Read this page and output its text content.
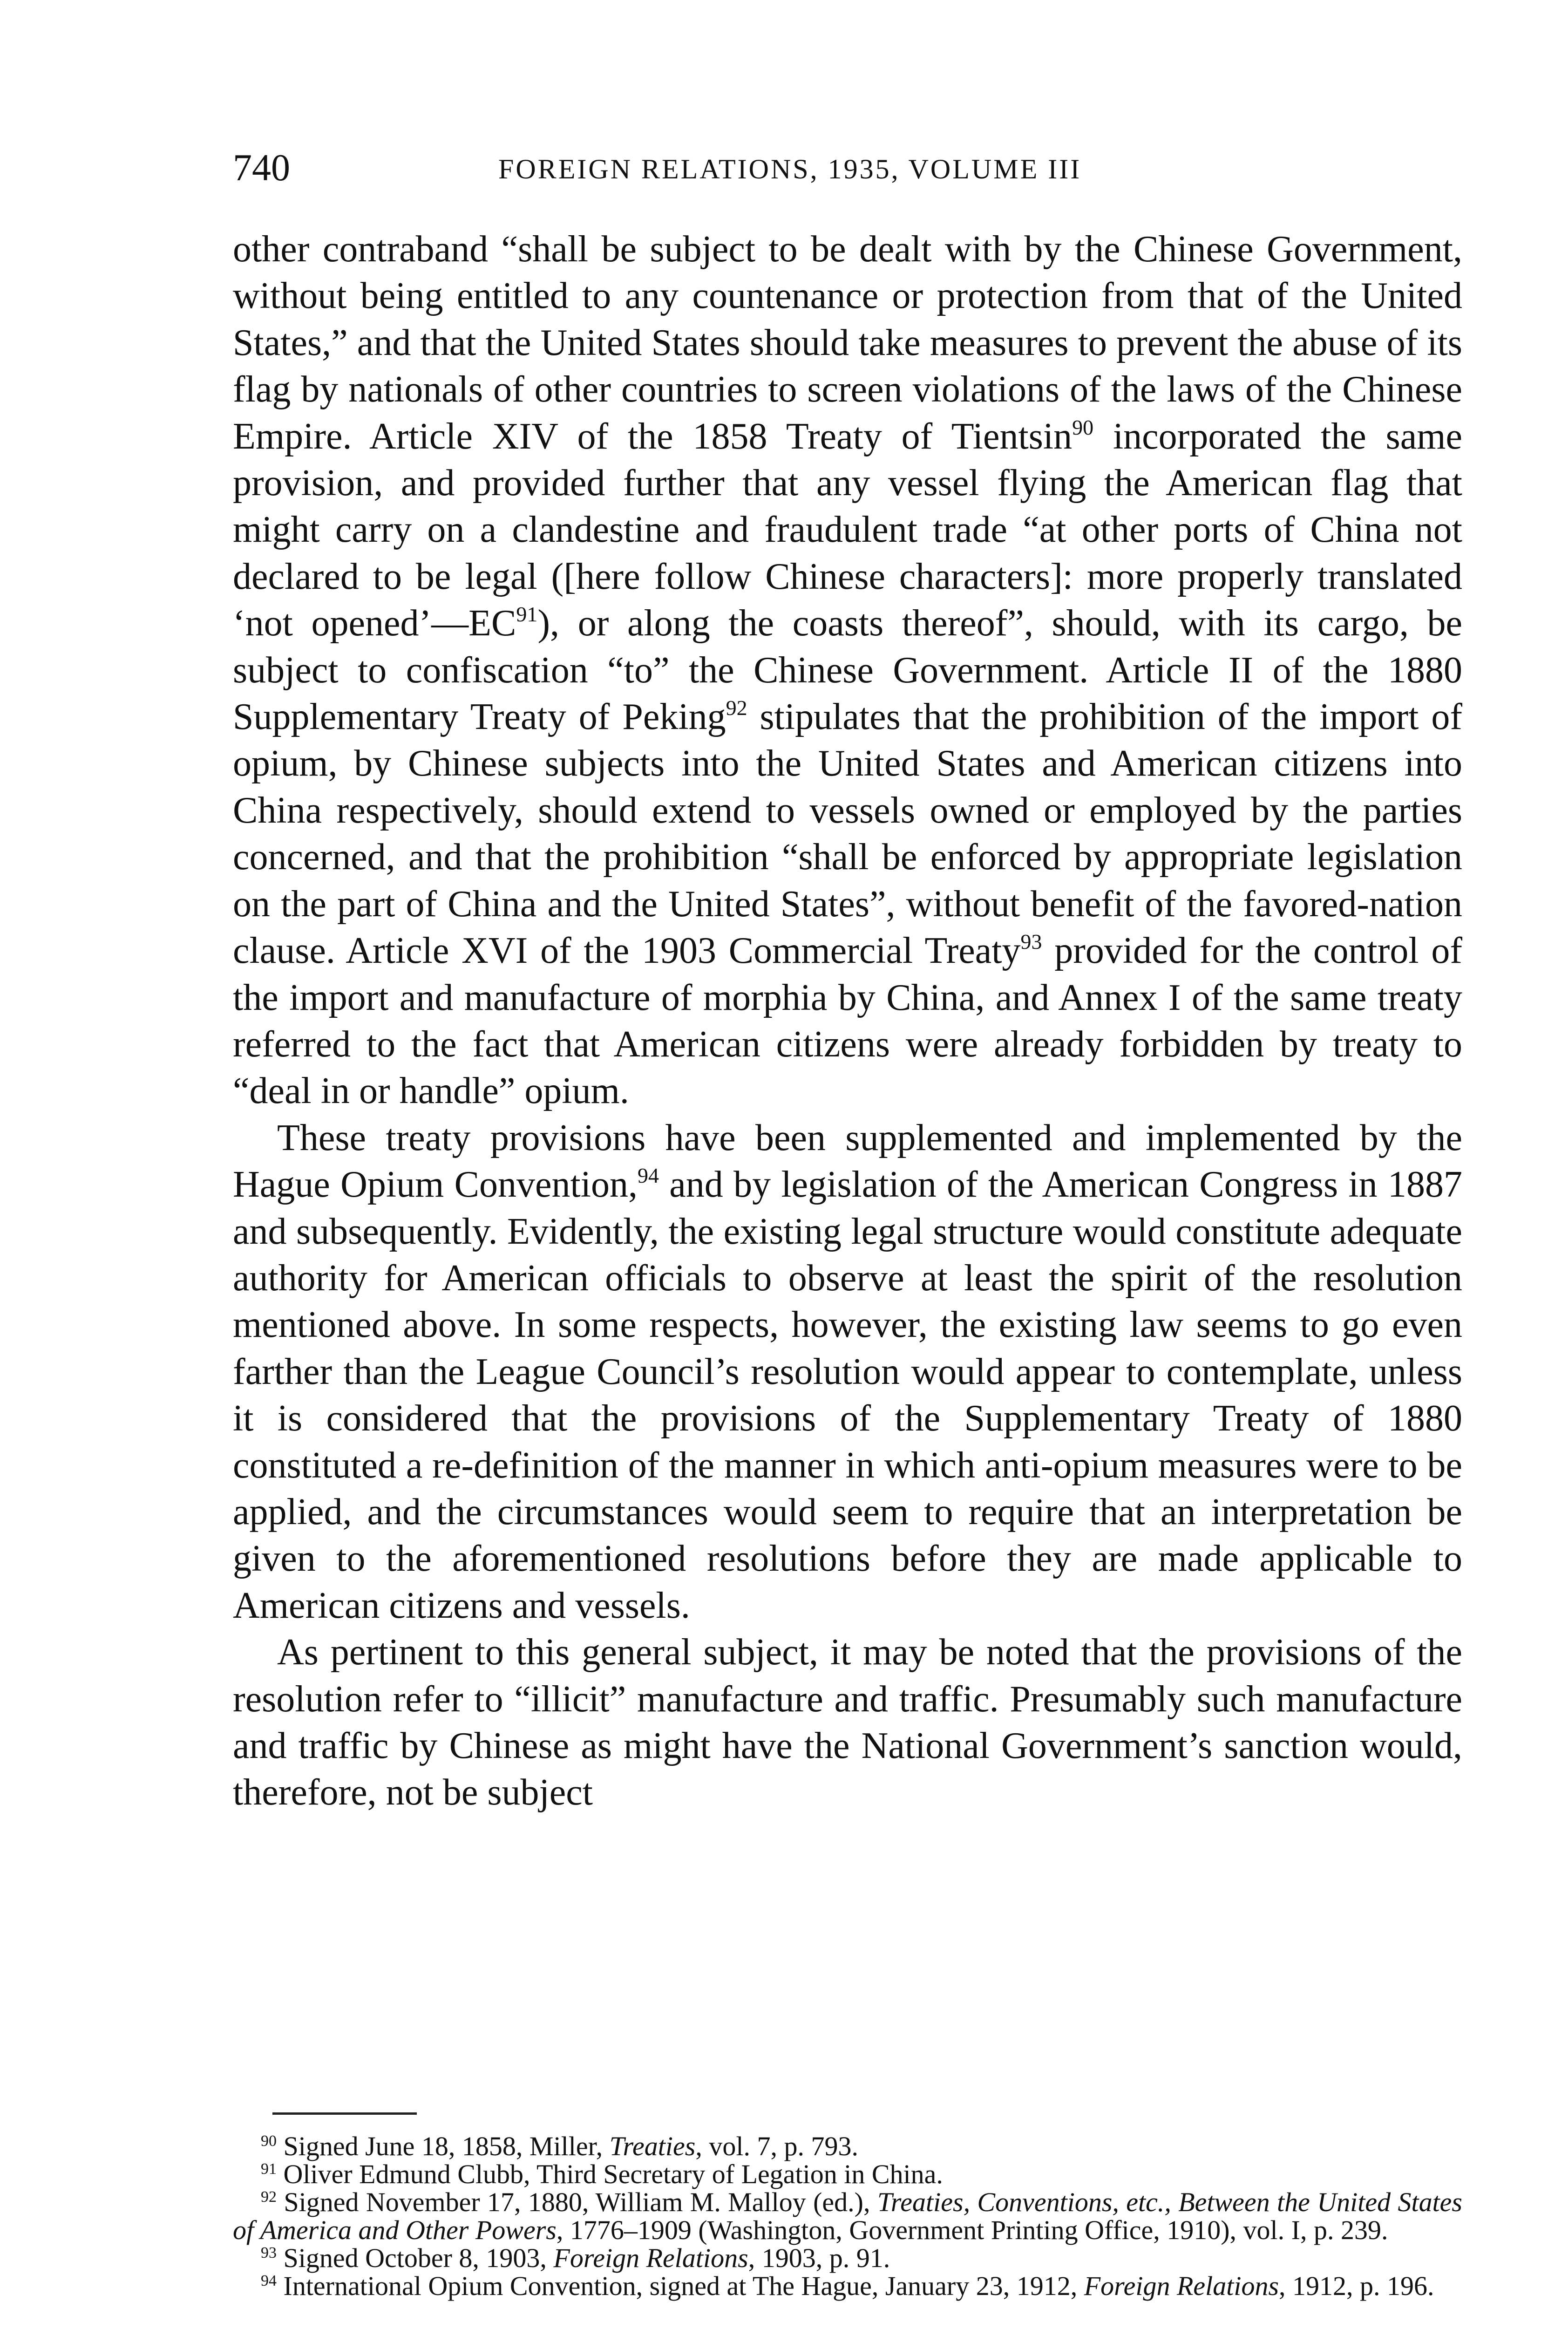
740	FOREIGN RELATIONS, 1935, VOLUME III

other contraband “shall be subject to be dealt with by the Chinese Government, without being entitled to any countenance or protection from that of the United States,” and that the United States should take measures to prevent the abuse of its flag by nationals of other countries to screen violations of the laws of the Chinese Empire. Article XIV of the 1858 Treaty of Tientsin$^{90}$ incorporated the same provision, and provided further that any vessel flying the American flag that might carry on a clandestine and fraudulent trade “at other ports of China not declared to be legal ([here follow Chinese characters]: more properly translated ‘not opened’—EC$^{91}$), or along the coasts thereof”, should, with its cargo, be subject to confiscation “to” the Chinese Government. Article II of the 1880 Supplementary Treaty of Peking$^{92}$ stipulates that the prohibition of the import of opium, by Chinese subjects into the United States and American citizens into China respectively, should extend to vessels owned or employed by the parties concerned, and that the prohibition “shall be enforced by appropriate legislation on the part of China and the United States”, without benefit of the favored-nation clause. Article XVI of the 1903 Commercial Treaty$^{93}$ provided for the control of the import and manufacture of morphia by China, and Annex I of the same treaty referred to the fact that American citizens were already forbidden by treaty to “deal in or handle” opium.

These treaty provisions have been supplemented and implemented by the Hague Opium Convention,$^{94}$ and by legislation of the American Congress in 1887 and subsequently. Evidently, the existing legal structure would constitute adequate authority for American officials to observe at least the spirit of the resolution mentioned above. In some respects, however, the existing law seems to go even farther than the League Council’s resolution would appear to contemplate, unless it is considered that the provisions of the Supplementary Treaty of 1880 constituted a re-definition of the manner in which anti-opium measures were to be applied, and the circumstances would seem to require that an interpretation be given to the aforementioned resolutions before they are made applicable to American citizens and vessels.

As pertinent to this general subject, it may be noted that the provisions of the resolution refer to “illicit” manufacture and traffic. Presumably such manufacture and traffic by Chinese as might have the National Government’s sanction would, therefore, not be subject

$^{90}$ Signed June 18, 1858, Miller, Treaties, vol. 7, p. 793.

$^{91}$ Oliver Edmund Clubb, Third Secretary of Legation in China.

$^{92}$ Signed November 17, 1880, William M. Malloy (ed.), Treaties, Conventions, etc., Between the United States of America and Other Powers, 1776–1909 (Washington, Government Printing Office, 1910), vol. I, p. 239.

$^{93}$ Signed October 8, 1903, Foreign Relations, 1903, p. 91.

$^{94}$ International Opium Convention, signed at The Hague, January 23, 1912, Foreign Relations, 1912, p. 196.
